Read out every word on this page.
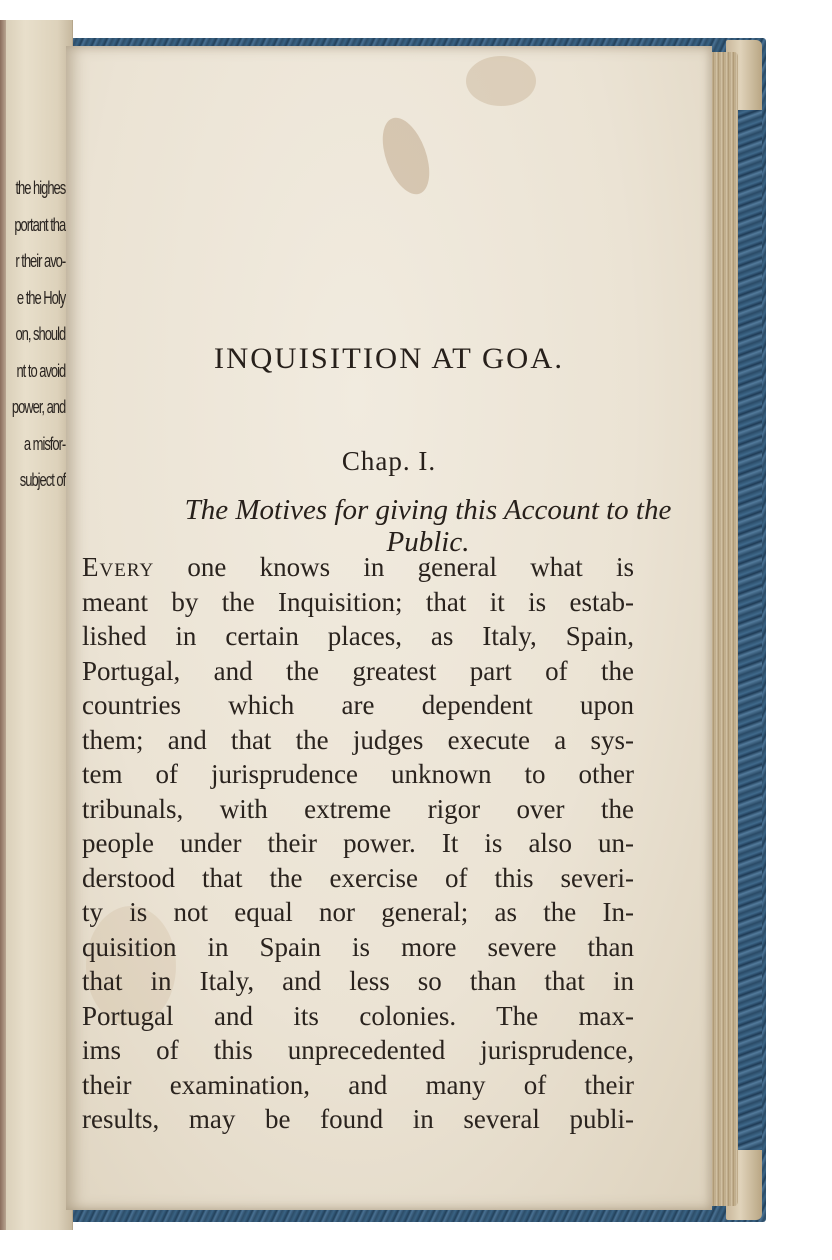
the highes
portant tha
r their avo-
e the Holy
on, should
nt to avoid
power, and
a misfor-
subject of
INQUISITION AT GOA.
Chap. I.
The Motives for giving this Account to the Public.
Every one knows in general what is
meant by the Inquisition; that it is estab-
lished in certain places, as Italy, Spain,
Portugal, and the greatest part of the
countries which are dependent upon
them; and that the judges execute a sys-
tem of jurisprudence unknown to other
tribunals, with extreme rigor over the
people under their power. It is also un-
derstood that the exercise of this severi-
ty is not equal nor general; as the In-
quisition in Spain is more severe than
that in Italy, and less so than that in
Portugal and its colonies. The max-
ims of this unprecedented jurisprudence,
their examination, and many of their
results, may be found in several publi-
